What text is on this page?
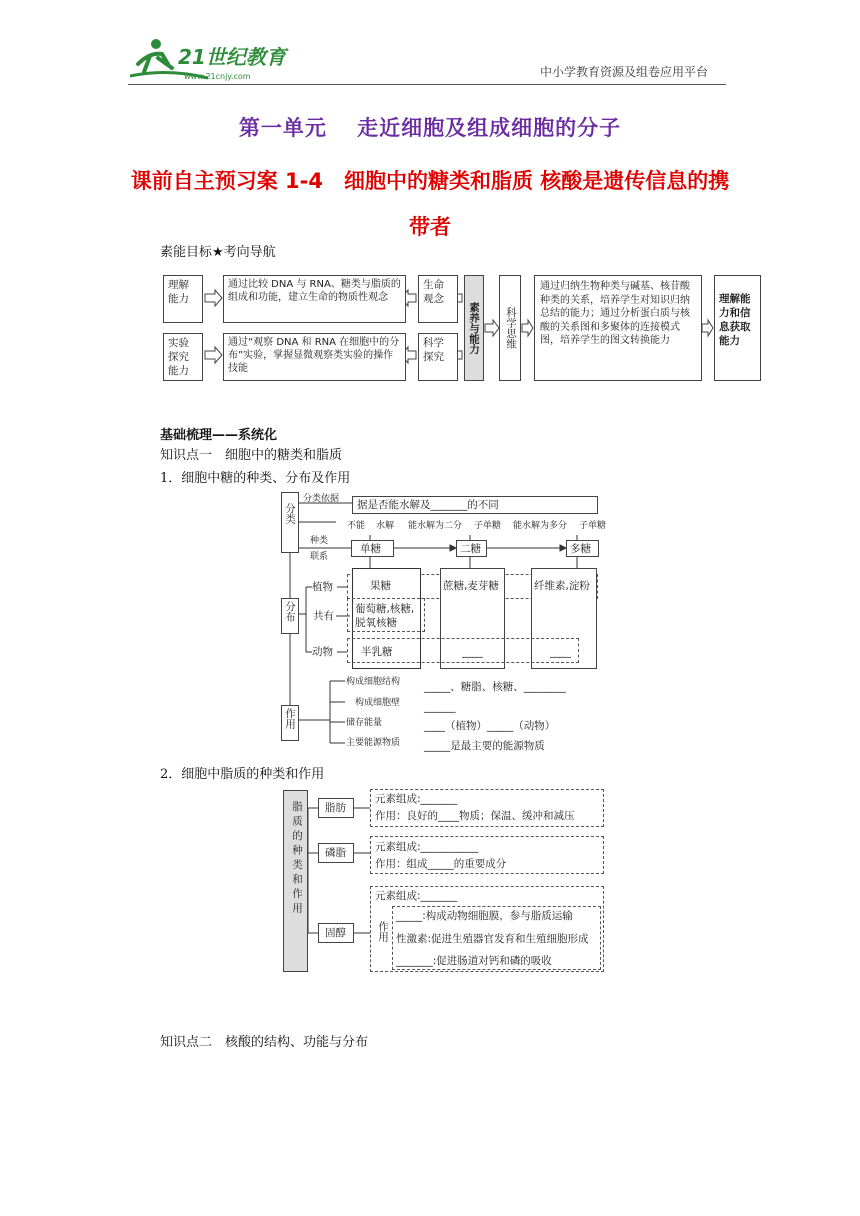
21世纪教育
www.21cnjy.com	中小学教育资源及组卷应用平台
第一单元　 走近细胞及组成细胞的分子
课前自主预习案 1-4　细胞中的糖类和脂质 核酸是遗传信息的携带者
素能目标★考向导航
理解能力
实验探究能力
通过比较 DNA 与 RNA、糖类与脂质的组成和功能，建立生命的物质性观念
通过“观察 DNA 和 RNA 在细胞中的分布”实验，掌握显微观察类实验的操作技能
生命观念
科学探究
素养与能力	科学思维
通过归纳生物种类与碱基、核苷酸种类的关系，培养学生对知识归纳总结的能力；通过分析蛋白质与核酸的关系图和多聚体的连接模式图，培养学生的图文转换能力
理解能力和信息获取能力
基础梳理——系统化
知识点一　细胞中的糖类和脂质
1．细胞中糖的种类、分布及作用
分类
分类依据	据是否能水解及_______的不同
不能 水解 能水解为二分 子单糖 能水解为多分 子单糖
种类
联系
单糖	二糖	多糖
分布
植物
共有
动物
果糖	蔗糖,麦芽糖	纤维素,淀粉
葡萄糖,核糖,脱氧核糖
半乳糖	____	____
作用
构成细胞结构 _____、糖脂、核糖、________
构成细胞壁 ______
储存能量	____（植物）_____（动物）
主要能源物质 _____是最主要的能源物质
2．细胞中脂质的种类和作用
脂质的种类和作用	脂肪
磷脂
固醇
元素组成:_______
作用：良好的____物质；保温、缓冲和减压
元素组成:___________
作用：组成_____的重要成分
元素组成:_______
作用
_____:构成动物细胞膜，参与脂质运输
性激素:促进生殖器官发育和生殖细胞形成
_______:促进肠道对钙和磷的吸收
知识点二　核酸的结构、功能与分布
